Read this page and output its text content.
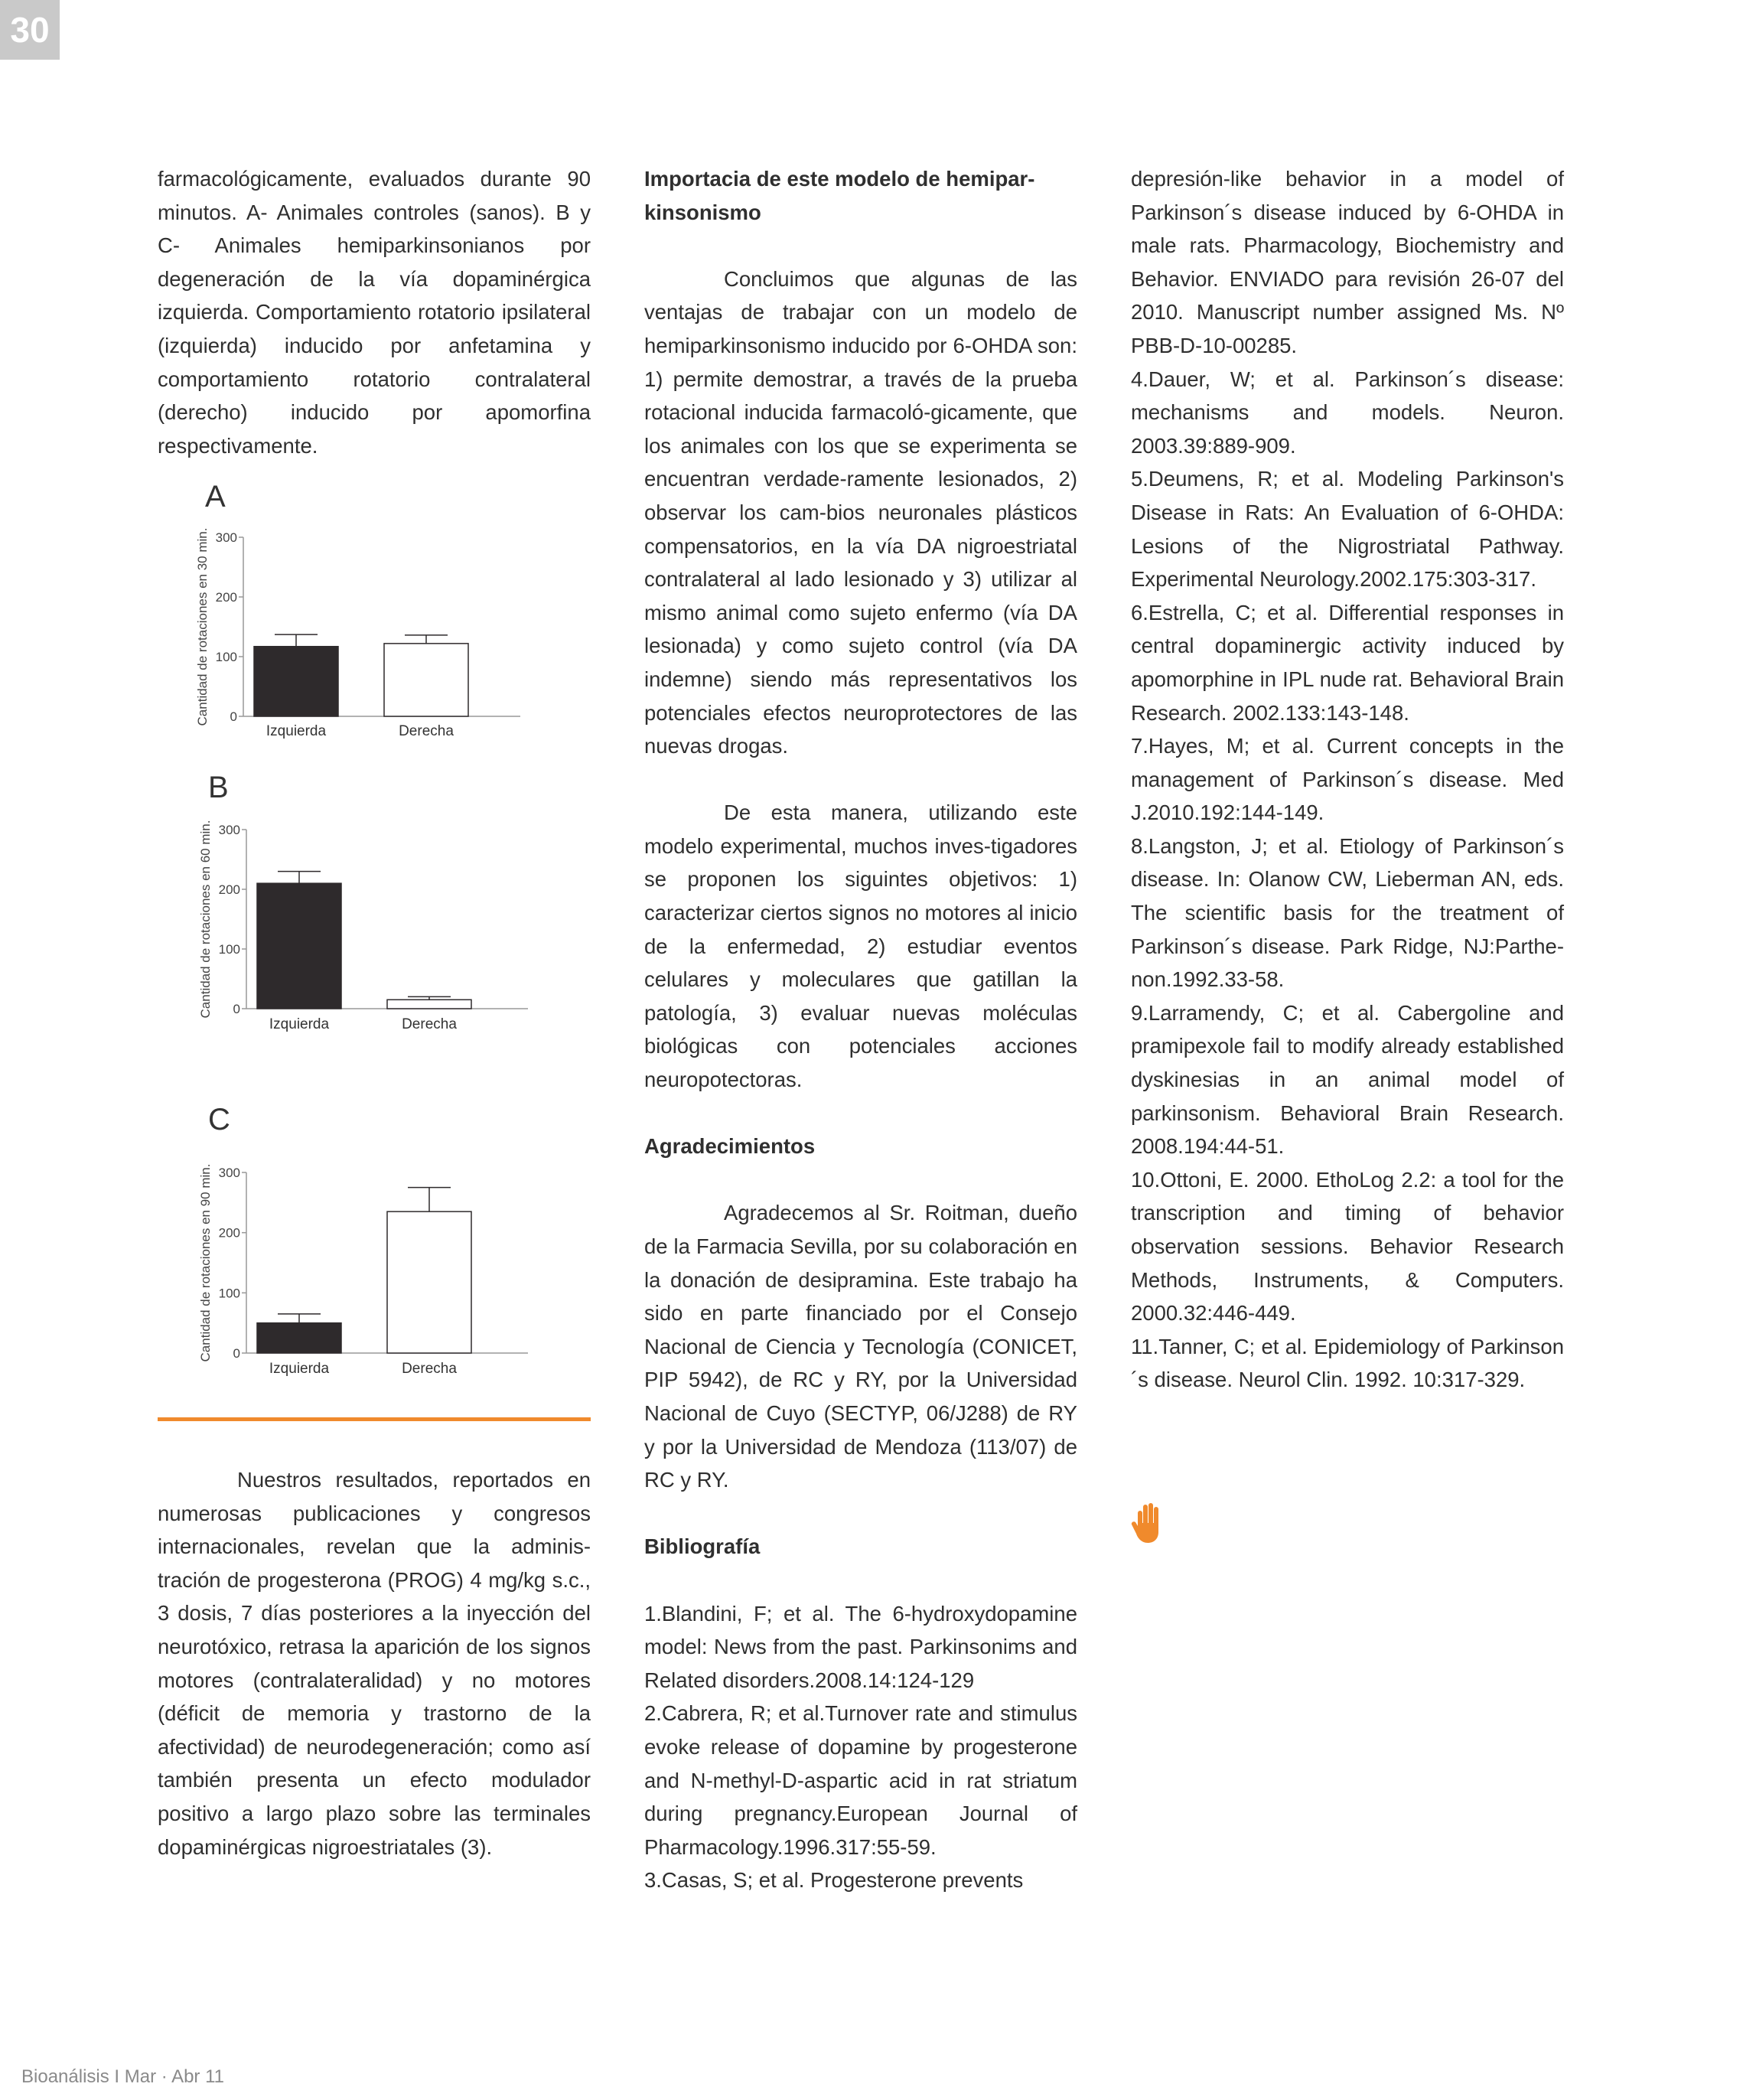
30

farmacológicamente, evaluados durante 90 minutos. A- Animales controles (sanos). B y C- Animales hemiparkinsonianos por degeneración de la vía dopaminérgica izquierda. Comportamiento rotatorio ipsilateral (izquierda) inducido por anfetamina y comportamiento rotatorio contralateral (derecho) inducido por apomorfina respectivamente.

A
0
100
200
300
Cantidad de rotaciones en 30 min.
Izquierda	Derecha
B
0
100
200
300
Cantidad de rotaciones en 60 min.
Izquierda	Derecha
C
0
100
200
300
Cantidad de rotaciones en 90 min.
Izquierda	Derecha

Nuestros resultados, reportados en numerosas publicaciones y congresos internacionales, revelan que la adminis-tración de progesterona (PROG) 4 mg/kg s.c., 3 dosis, 7 días posteriores a la inyección del neurotóxico, retrasa la aparición de los signos motores (contralateralidad) y no motores (déficit de memoria y trastorno de la afectividad) de neurodegeneración; como así también presenta un efecto modulador positivo a largo plazo sobre las terminales dopaminérgicas nigroestriatales (3).

Importacia de este modelo de hemipar-kinsonismo

Concluimos que algunas de las ventajas de trabajar con un modelo de hemiparkinsonismo inducido por 6-OHDA son: 1) permite demostrar, a través de la prueba rotacional inducida farmacoló-gicamente, que los animales con los que se experimenta se encuentran verdade-ramente lesionados, 2) observar los cam-bios neuronales plásticos compensatorios, en la vía DA nigroestriatal contralateral al lado lesionado y 3) utilizar al mismo animal como sujeto enfermo (vía DA lesionada) y como sujeto control (vía DA indemne) siendo más representativos los potenciales efectos neuroprotectores de las nuevas drogas.

De esta manera, utilizando este modelo experimental, muchos inves-tigadores se proponen los siguintes objetivos: 1) caracterizar ciertos signos no motores al inicio de la enfermedad, 2) estudiar eventos celulares y moleculares que gatillan la patología, 3) evaluar nuevas moléculas biológicas con potenciales acciones neuropotectoras.

Agradecimientos

Agradecemos al Sr. Roitman, dueño de la Farmacia Sevilla, por su colaboración en la donación de desipramina. Este trabajo ha sido en parte financiado por el Consejo Nacional de Ciencia y Tecnología (CONICET, PIP 5942), de RC y RY, por la Universidad Nacional de Cuyo (SECTYP, 06/J288) de RY y por la Universidad de Mendoza (113/07) de RC y RY.

Bibliografía

1.Blandini, F; et al. The 6-hydroxydopamine model: News from the past. Parkinsonims and Related disorders.2008.14:124-129

2.Cabrera, R; et al.Turnover rate and stimulus evoke release of dopamine by progesterone and N-methyl-D-aspartic acid in rat striatum during pregnancy.European Journal of Pharmacology.1996.317:55-59.

3.Casas, S; et al. Progesterone prevents

depresión-like behavior in a model of Parkinson´s disease induced by 6-OHDA in male rats. Pharmacology, Biochemistry and Behavior. ENVIADO para revisión 26-07 del 2010. Manuscript number assigned Ms. Nº PBB-D-10-00285.

4.Dauer, W; et al. Parkinson´s disease: mechanisms and models. Neuron. 2003.39:889-909.

5.Deumens, R; et al. Modeling Parkinson's Disease in Rats: An Evaluation of 6-OHDA: Lesions of the Nigrostriatal Pathway. Experimental Neurology.2002.175:303-317.

6.Estrella, C; et al. Differential responses in central dopaminergic activity induced by apomorphine in IPL nude rat. Behavioral Brain Research. 2002.133:143-148.

7.Hayes, M; et al. Current concepts in the management of Parkinson´s disease. Med J.2010.192:144-149.

8.Langston, J; et al. Etiology of Parkinson´s disease. In: Olanow CW, Lieberman AN, eds. The scientific basis for the treatment of Parkinson´s disease. Park Ridge, NJ:Parthe-non.1992.33-58.

9.Larramendy, C; et al. Cabergoline and pramipexole fail to modify already established dyskinesias in an animal model of parkinsonism. Behavioral Brain Research. 2008.194:44-51.

10.Ottoni, E. 2000. EthoLog 2.2: a tool for the transcription and timing of behavior observation sessions. Behavior Research Methods, Instruments, & Computers. 2000.32:446-449.

11.Tanner, C; et al. Epidemiology of Parkinson´s disease. Neurol Clin. 1992. 10:317-329.

Bioanálisis I Mar · Abr 11
